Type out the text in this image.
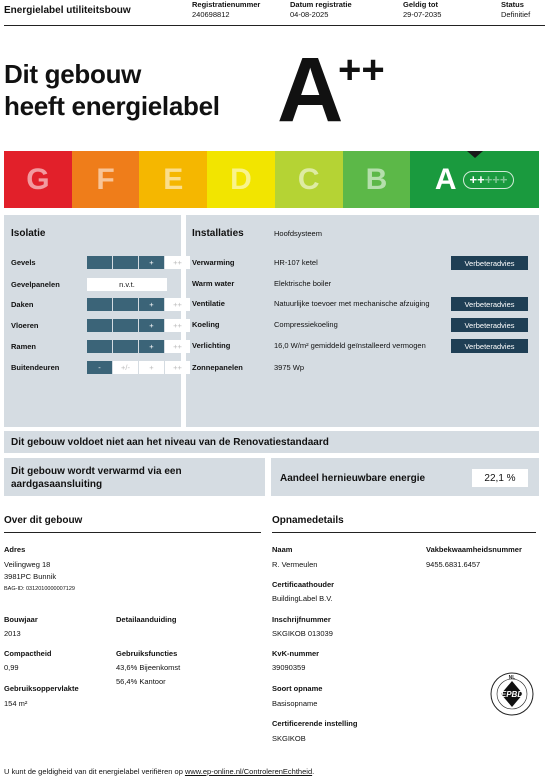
Energielabel utiliteitsbouw
Registratienummer
240698812
Datum registratie
04-08-2025
Geldig tot
29-07-2035
Status
Definitief
Dit gebouw
heeft energielabel A
++
G F E D C B A + + + + +
Isolatie	Installaties	Hoofdsysteem
Gevels	+	++
Gevelpanelen	n.v.t.
Daken	+	++
Vloeren	+	++
Ramen	+	++
Buitendeuren	-	+/-	+	++
Verwarming	HR-107 ketel	Verbeteradvies
Warm water	Elektrische boiler
Ventilatie	Natuurlijke toevoer met mechanische afzuiging	Verbeteradvies
Koeling	Compressiekoeling	Verbeteradvies
Verlichting	16,0 W/m² gemiddeld geïnstalleerd vermogen	Verbeteradvies
Zonnepanelen	3975 Wp
Dit gebouw voldoet niet aan het niveau van de Renovatiestandaard
Dit gebouw wordt verwarmd via een
aardgasaansluiting
Aandeel hernieuwbare energie	22,1 %
Over dit gebouw
Adres
Veilingweg 18
3981PC Bunnik
BAG-ID: 0312010000007129
Bouwjaar
2013
Detailaanduiding
Compactheid
0,99
Gebruiksfuncties
43,6% Bijeenkomst
56,4% Kantoor
Gebruiksoppervlakte
154 m²
Opnamedetails
Naam
R. Vermeulen
Vakbekwaamheidsnummer
9455.6831.6457
Certificaathouder
BuildingLabel B.V.
Inschrijfnummer
SKGIKOB 013039
KvK-nummer
39090359
Soort opname
Basisopname
Certificerende instelling
SKGIKOB
EPBD
NL
U kunt de geldigheid van dit energielabel verifiëren op www.ep-online.nl/ControlerenEchtheid.
